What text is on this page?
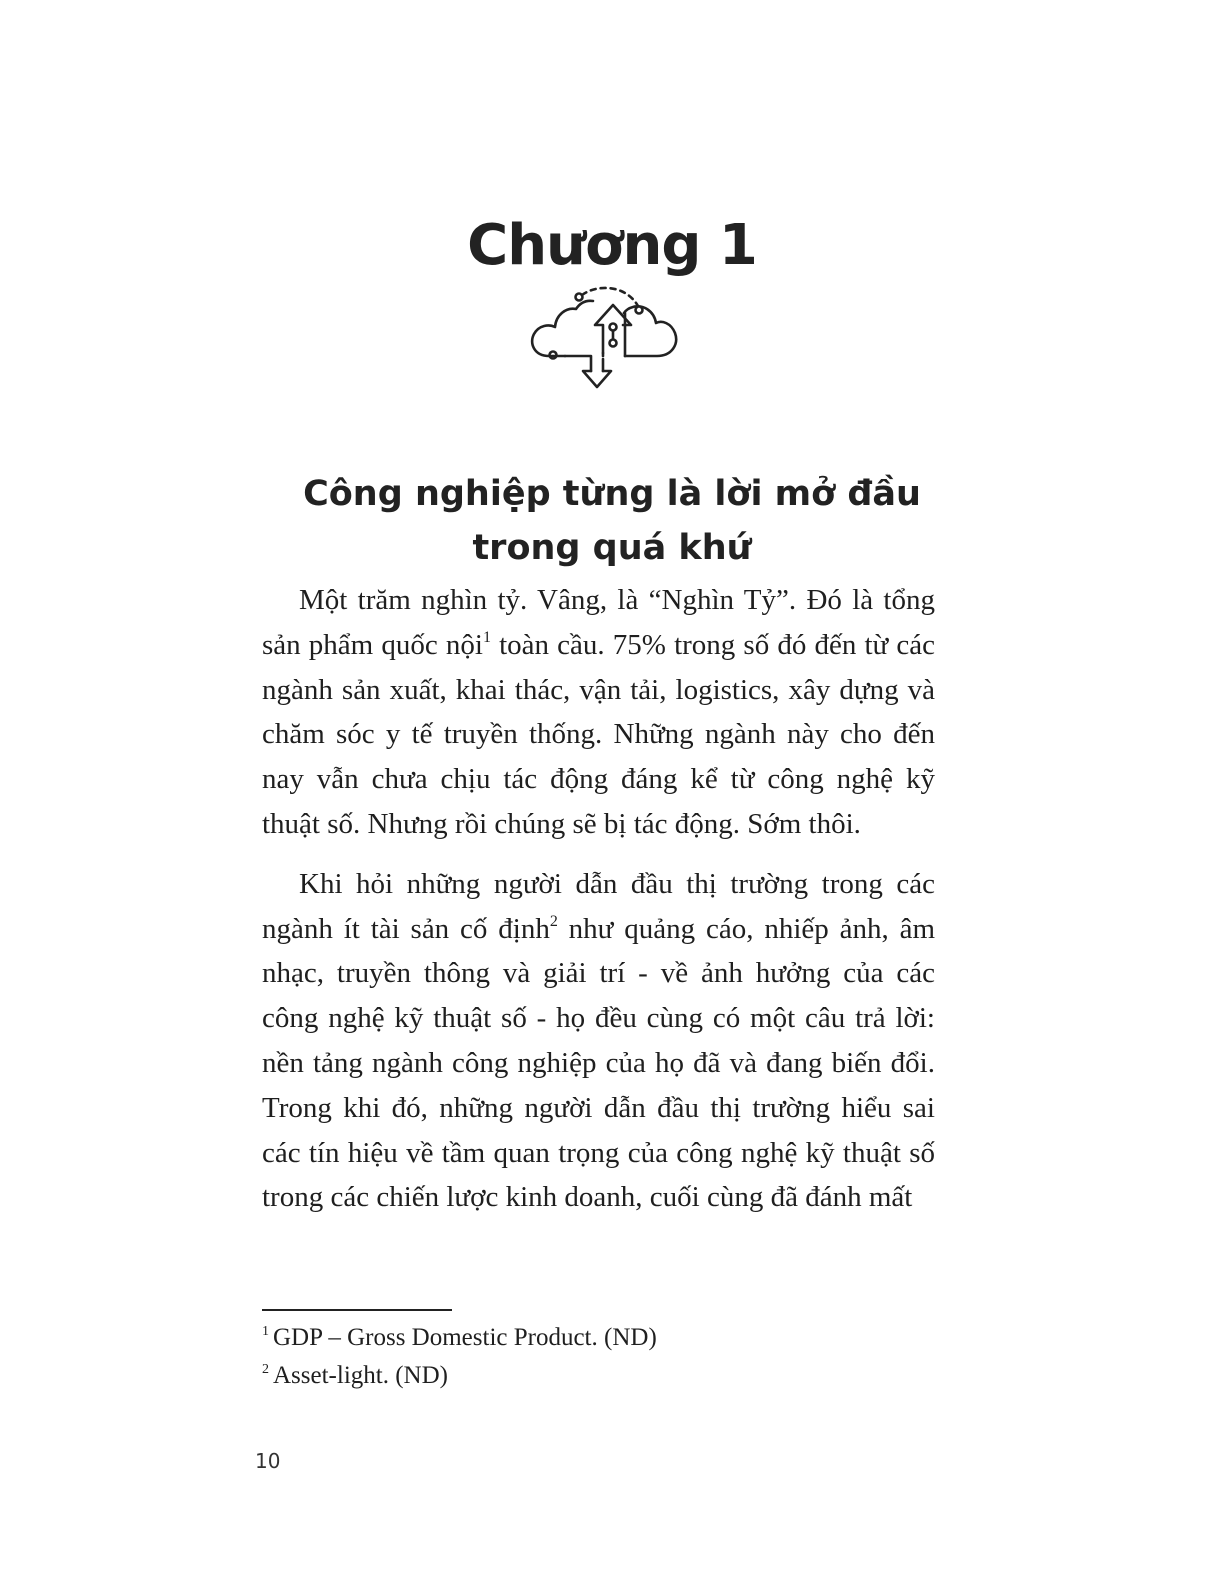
Chương 1
Công nghiệp từng là lời mở đầu
trong quá khứ

Một trăm nghìn tỷ. Vâng, là “Nghìn Tỷ”. Đó là tổng sản phẩm quốc nội$^1$ toàn cầu. 75% trong số đó đến từ các ngành sản xuất, khai thác, vận tải, logistics, xây dựng và chăm sóc y tế truyền thống. Những ngành này cho đến nay vẫn chưa chịu tác động đáng kể từ công nghệ kỹ thuật số. Nhưng rồi chúng sẽ bị tác động. Sớm thôi.

Khi hỏi những người dẫn đầu thị trường trong các ngành ít tài sản cố định$^2$ như quảng cáo, nhiếp ảnh, âm nhạc, truyền thông và giải trí - về ảnh hưởng của các công nghệ kỹ thuật số - họ đều cùng có một câu trả lời: nền tảng ngành công nghiệp của họ đã và đang biến đổi. Trong khi đó, những người dẫn đầu thị trường hiểu sai các tín hiệu về tầm quan trọng của công nghệ kỹ thuật số trong các chiến lược kinh doanh, cuối cùng đã đánh mất

$^1$ GDP – Gross Domestic Product. (ND)
$^2$ Asset-light. (ND)
10
